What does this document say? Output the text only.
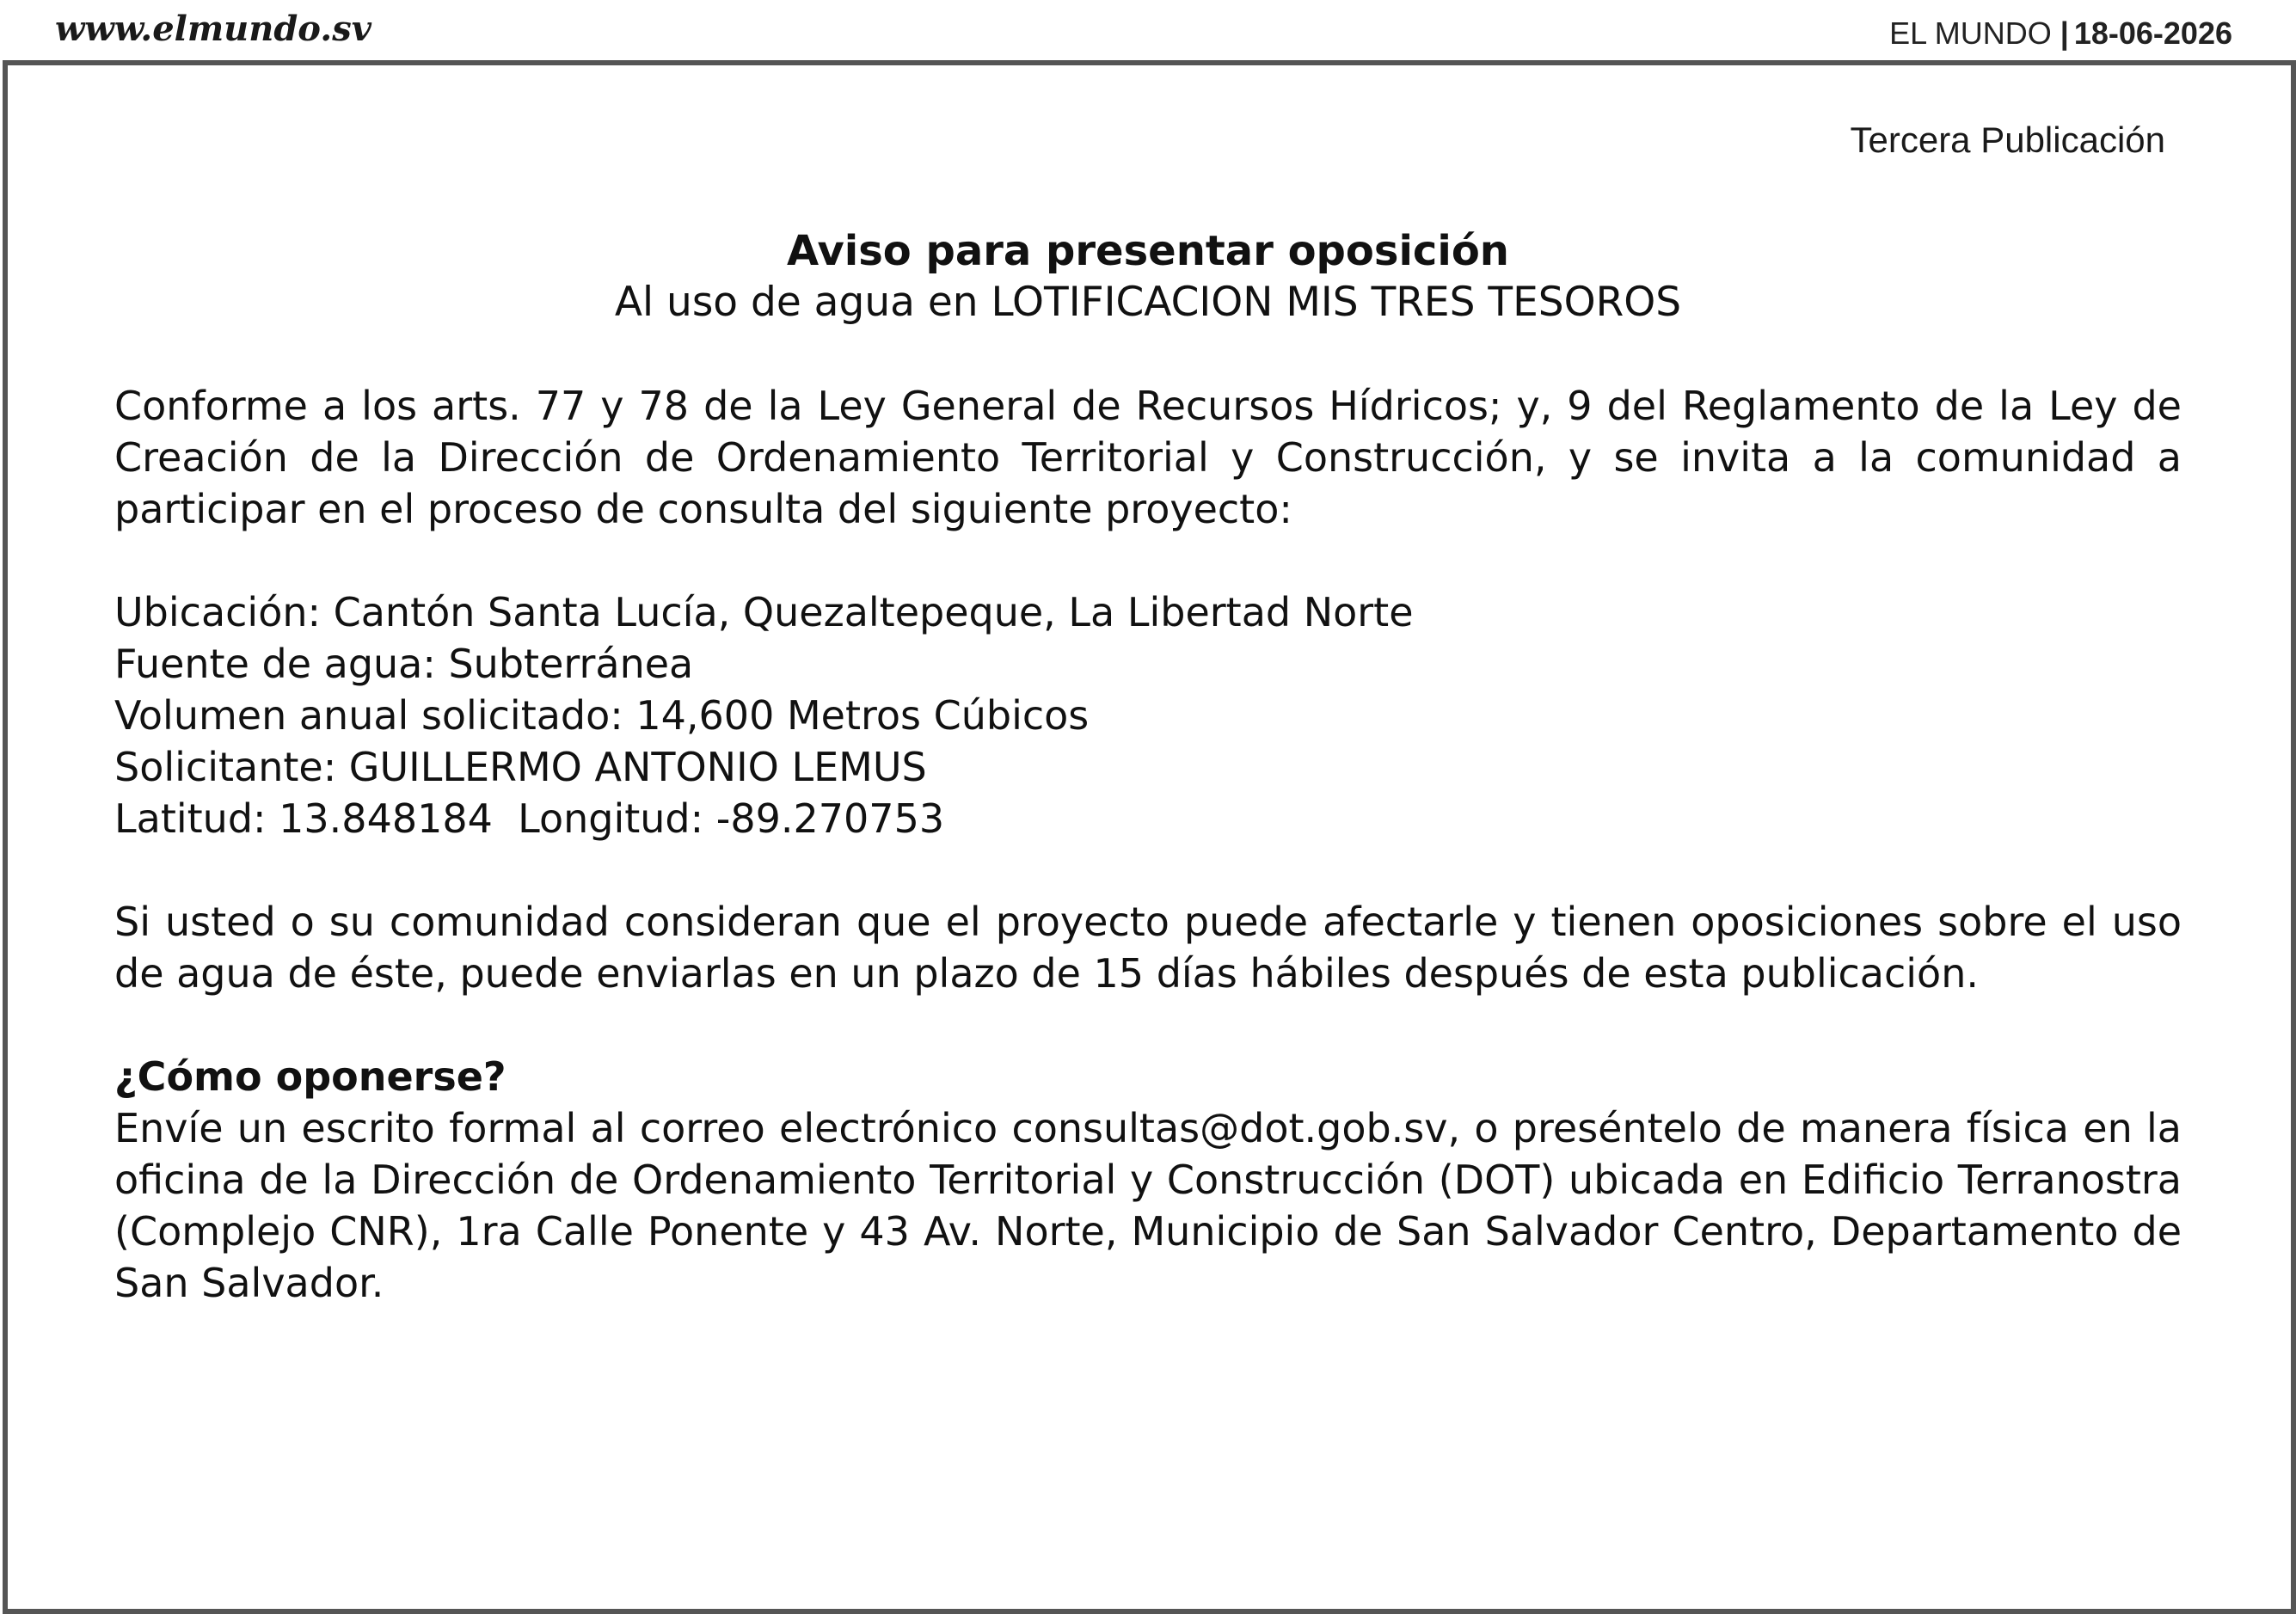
www.elmundo.sv	EL MUNDO | 18-06-2026
Tercera Publicación
Aviso para presentar oposición
Al uso de agua en LOTIFICACION MIS TRES TESOROS

Conforme a los arts. 77 y 78 de la Ley General de Recursos Hídricos; y, 9 del Reglamento de la Ley de Creación de la Dirección de Ordenamiento Territorial y Construcción, y se invita a la comunidad a participar en el proceso de consulta del siguiente proyecto:

Ubicación: Cantón Santa Lucía, Quezaltepeque, La Libertad Norte
Fuente de agua: Subterránea
Volumen anual solicitado: 14,600 Metros Cúbicos
Solicitante: GUILLERMO ANTONIO LEMUS
Latitud: 13.848184  Longitud: -89.270753

Si usted o su comunidad consideran que el proyecto puede afectarle y tienen oposiciones sobre el uso de agua de éste, puede enviarlas en un plazo de 15 días hábiles después de esta publicación.

¿Cómo oponerse?

Envíe un escrito formal al correo electrónico consultas@dot.gob.sv, o preséntelo de manera física en la oficina de la Dirección de Ordenamiento Territorial y Construcción (DOT) ubicada en Edificio Terranostra (Complejo CNR), 1ra Calle Ponente y 43 Av. Norte, Municipio de San Salvador Centro, Departamento de San Salvador.
